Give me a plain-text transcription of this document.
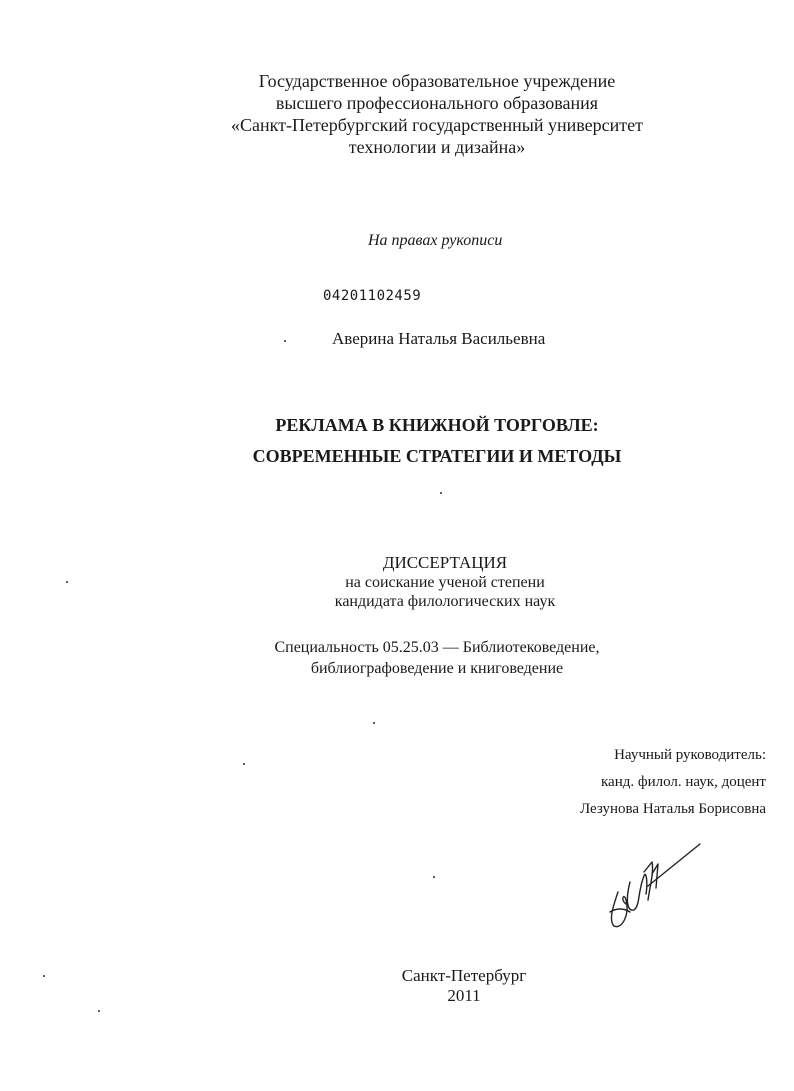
Государственное образовательное учреждение
высшего профессионального образования
«Санкт-Петербургский государственный университет
технологии и дизайна»
На правах рукописи
04201102459
Аверина Наталья Васильевна
РЕКЛАМА В КНИЖНОЙ ТОРГОВЛЕ:
СОВРЕМЕННЫЕ СТРАТЕГИИ И МЕТОДЫ
ДИССЕРТАЦИЯ
на соискание ученой степени
кандидата филологических наук
Специальность 05.25.03 — Библиотековедение,
библиографоведение и книговедение
Научный руководитель:
канд. филол. наук, доцент
Лезунова Наталья Борисовна
Санкт-Петербург
2011
